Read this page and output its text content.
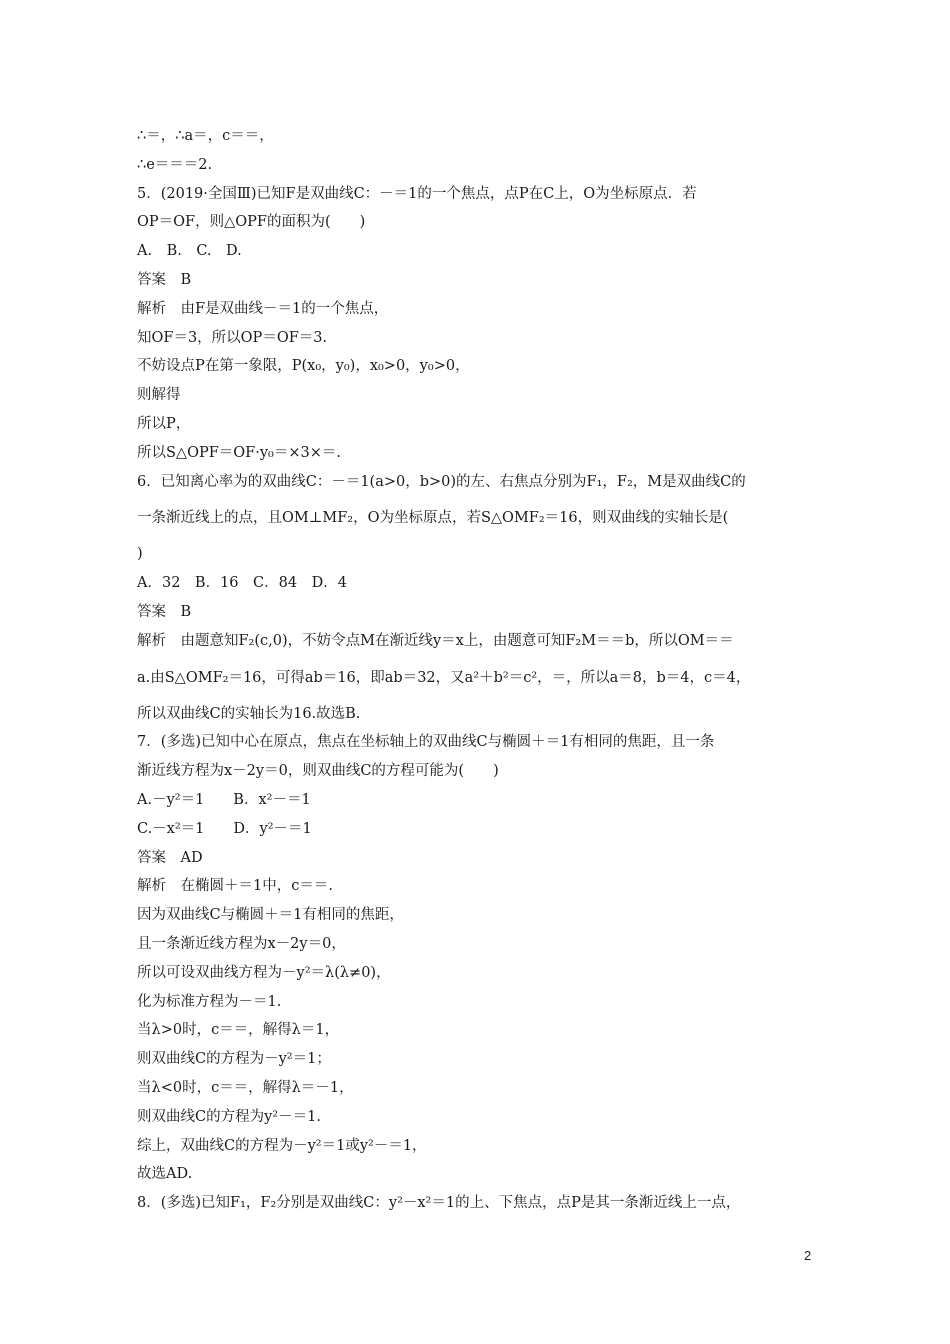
∴＝，∴a＝，c＝＝，
∴e＝＝＝2.
5．(2019·全国Ⅲ)已知F是双曲线C：－＝1的一个焦点，点P在C上，O为坐标原点．若
OP＝OF，则△OPF的面积为(　　)
A.　B.　C.　D.
答案　B
解析　由F是双曲线－＝1的一个焦点，
知OF＝3，所以OP＝OF＝3.
不妨设点P在第一象限，P(x₀，y₀)，x₀>0，y₀>0，
则解得
所以P，
所以S△OPF＝OF·y₀＝×3×＝.
6．已知离心率为的双曲线C：－＝1(a>0，b>0)的左、右焦点分别为F₁，F₂，M是双曲线C的
一条渐近线上的点，且OM⊥MF₂，O为坐标原点，若S△OMF₂＝16，则双曲线的实轴长是(
)
A．32　B．16　C．84　D．4
答案　B
解析　由题意知F₂(c,0)，不妨令点M在渐近线y＝x上，由题意可知F₂M＝＝b，所以OM＝＝
a.由S△OMF₂＝16，可得ab＝16，即ab＝32，又a²＋b²＝c²，＝，所以a＝8，b＝4，c＝4，
所以双曲线C的实轴长为16.故选B.
7．(多选)已知中心在原点，焦点在坐标轴上的双曲线C与椭圆＋＝1有相同的焦距，且一条
渐近线方程为x－2y＝0，则双曲线C的方程可能为(　　)
A.－y²＝1　　B．x²－＝1
C.－x²＝1　　D．y²－＝1
答案　AD
解析　在椭圆＋＝1中，c＝＝.
因为双曲线C与椭圆＋＝1有相同的焦距，
且一条渐近线方程为x－2y＝0，
所以可设双曲线方程为－y²＝λ(λ≠0)，
化为标准方程为－＝1.
当λ>0时，c＝＝，解得λ＝1，
则双曲线C的方程为－y²＝1；
当λ<0时，c＝＝，解得λ＝－1，
则双曲线C的方程为y²－＝1.
综上，双曲线C的方程为－y²＝1或y²－＝1，
故选AD.
8．(多选)已知F₁，F₂分别是双曲线C：y²－x²＝1的上、下焦点，点P是其一条渐近线上一点，
2
